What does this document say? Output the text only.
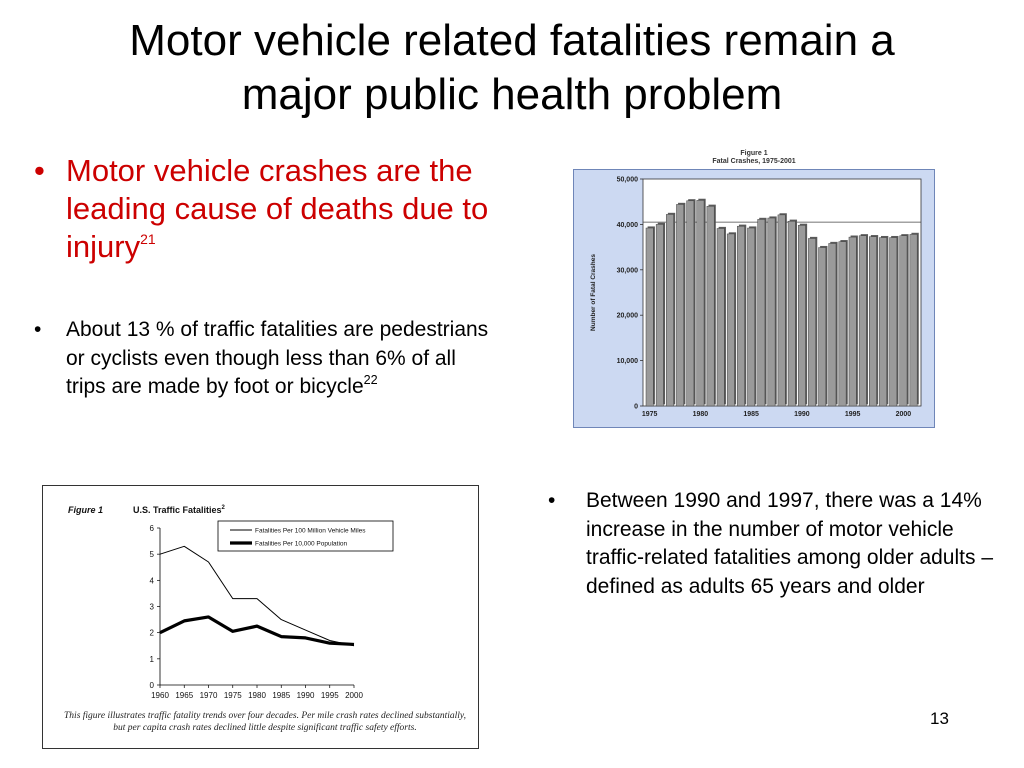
Motor vehicle related fatalities remain a
major public health problem
• Motor vehicle crashes are the leading cause of deaths due to injury$^{21}$
•	About 13 % of traffic fatalities are pedestrians or cyclists even though less than 6% of all trips are made by foot or bicycle$^{22}$
•	Between 1990 and 1997, there was a 14% increase in the number of motor vehicle traffic-related fatalities among older adults – defined as adults 65 years and older
Figure 1
Fatal Crashes, 1975-2001
0
10,000
20,000
30,000
40,000
50,000
Number of Fatal Crashes
1975	1980	1985	1990	1995	2000
Figure 1	U.S. Traffic Fatalities$^2$
0
1
2
3
4
5
6
1960 1965 1970 1975 1980 1985 1990 1995 2000
Fatalities Per 100 Million Vehicle Miles
Fatalities Per 10,000 Population
This figure illustrates traffic fatality trends over four decades. Per mile crash rates declined substantially, but per capita crash rates declined little despite significant traffic safety efforts.	13
